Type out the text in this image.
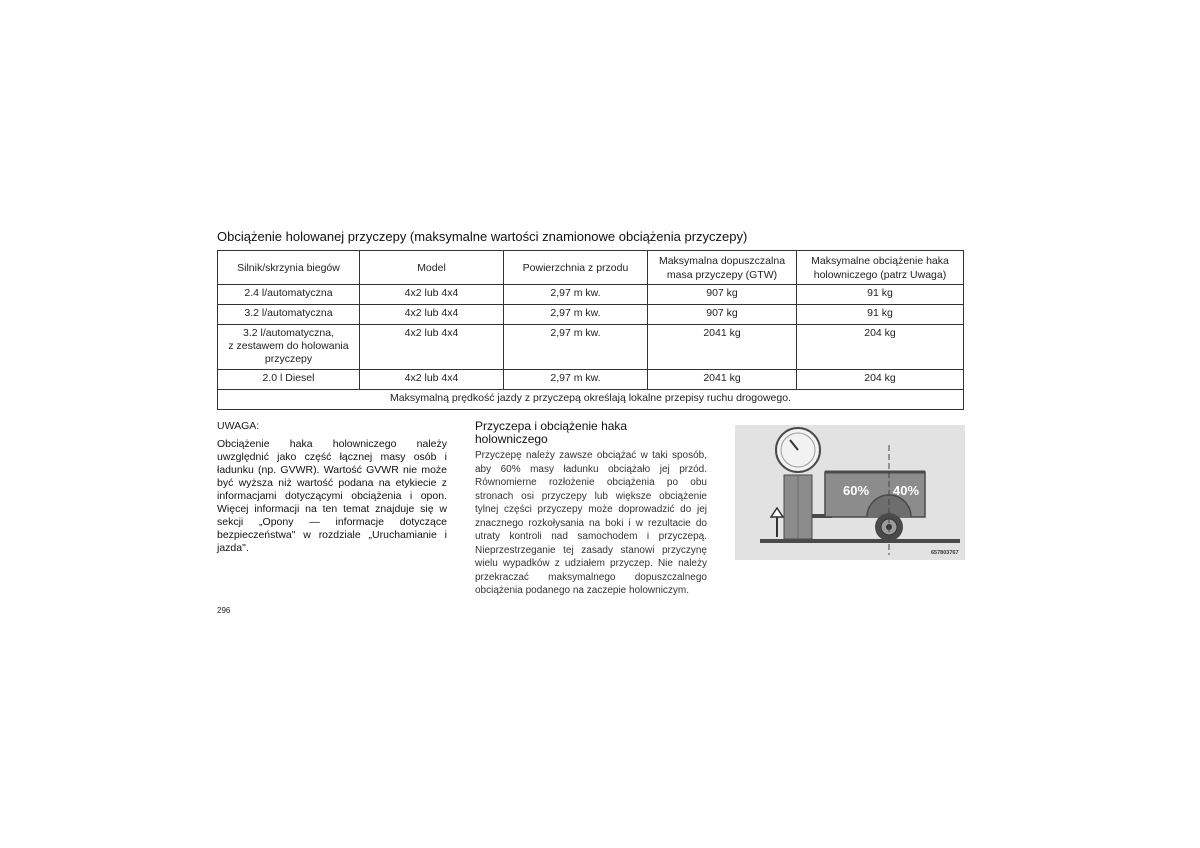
Obciążenie holowanej przyczepy (maksymalne wartości znamionowe obciążenia przyczepy)
Silnik/skrzynia biegów	Model	Powierzchnia z przodu	Maksymalna dopuszczalna masa przyczepy (GTW)	Maksymalne obciążenie haka holowniczego (patrz Uwaga)
2.4 l/automatyczna	4x2 lub 4x4	2,97 m kw.	907 kg	91 kg
3.2 l/automatyczna	4x2 lub 4x4	2,97 m kw.	907 kg	91 kg
3.2 l/automatyczna,
z zestawem do holowania
przyczepy	4x2 lub 4x4	2,97 m kw.	2041 kg	204 kg
2.0 l Diesel	4x2 lub 4x4	2,97 m kw.	2041 kg	204 kg
Maksymalną prędkość jazdy z przyczepą określają lokalne przepisy ruchu drogowego.				
UWAGA:
Obciążenie haka holowniczego należy uwzględnić jako część łącznej masy osób i ładunku (np. GVWR). Wartość GVWR nie może być wyższa niż wartość podana na etykiecie z informacjami dotyczącymi obciążenia i opon. Więcej informacji na ten temat znajduje się w sekcji „Opony — informacje dotyczące bezpieczeństwa" w rozdziale „Uruchamianie i jazda".
Przyczepa i obciążenie haka holowniczego
Przyczepę należy zawsze obciążać w taki sposób, aby 60% masy ładunku obciążało jej przód. Równomierne rozłożenie obciążenia po obu stronach osi przyczepy lub większe obciążenie tylnej części przyczepy może doprowadzić do jej znacznego rozkołysania na boki i w rezultacie do utraty kontroli nad samochodem i przyczepą. Nieprzestrzeganie tej zasady stanowi przyczynę wielu wypadków z udziałem przyczep. Nie należy przekraczać maksymalnego dopuszczalnego obciążenia podanego na zaczepie holowniczym.
60% 40%
657803767
296
